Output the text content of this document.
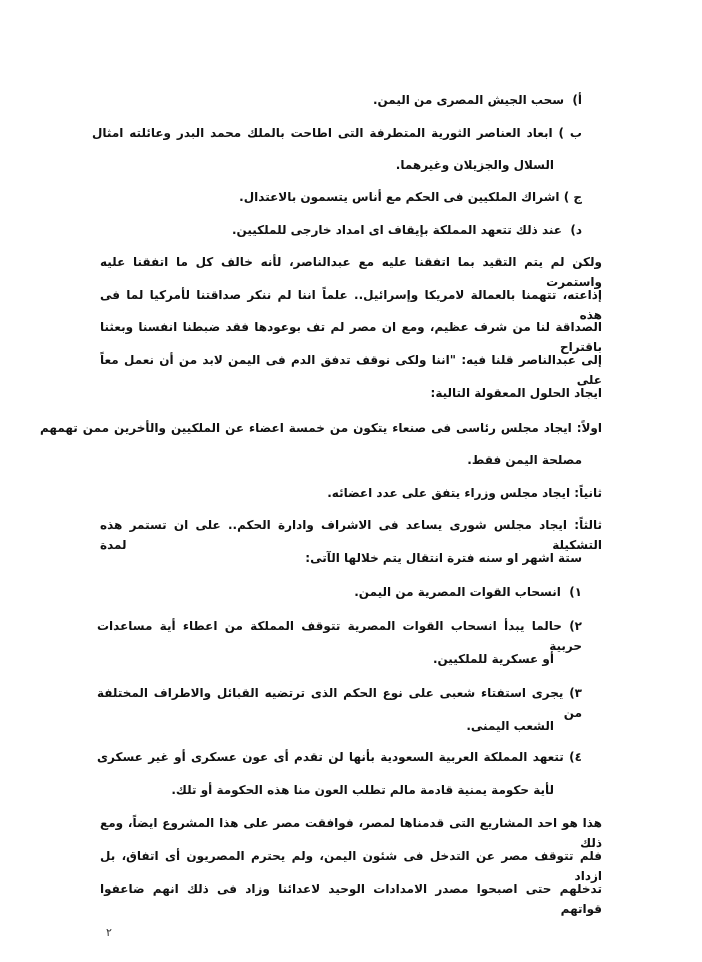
أ)  سحب الجيش المصرى من اليمن.
ب ) ابعاد العناصر الثورية المتطرفة التى اطاحت بالملك محمد البدر وعائلته امثال
السلال والجزيلان وغيرهما.
ج ) اشراك الملكيين فى الحكم مع أناس يتسمون بالاعتدال.
د)  عند ذلك تتعهد المملكة بإيقاف اى امداد خارجى للملكيين.
ولكن لم يتم التقيد بما اتفقنا عليه مع عبدالناصر، لأنه خالف كل ما اتفقنا عليه واستمرت
إذاعته، تتهمنا بالعمالة لامريكا وإسرائيل.. علماً اننا لم ننكر صداقتنا لأمركيا لما فى هذه
الصداقة لنا من شرف عظيم، ومع ان مصر لم تف بوعودها فقد ضبطنا انفسنا وبعثنا باقتراح
إلى عبدالناصر قلنا فيه: "اننا ولكى نوقف تدفق الدم فى اليمن لابد من أن نعمل معاً على
ايجاد الحلول المعقولة التالية:
اولاً: ايجاد مجلس رئاسى فى صنعاء يتكون من خمسة اعضاء عن الملكيين والأخرين ممن تهمهم
مصلحة اليمن فقط.
ثانياً: ايجاد مجلس وزراء يتفق على عدد اعضائه.
ثالثاً: ايجاد مجلس شورى يساعد فى الاشراف وادارة الحكم.. على ان تستمر هذه التشكيلة لمدة
ستة اشهر او سنه فترة انتقال يتم خلالها الآتى:
١)  انسحاب القوات المصرية من اليمن.
٢) حالما يبدأ انسحاب القوات المصرية تتوقف المملكة من اعطاء أية مساعدات حربية
أو عسكرية للملكيين.
٣) يجرى استفتاء شعبى على نوع الحكم الذى ترتضيه القبائل والاطراف المختلفة من
الشعب اليمنى.
٤) تتعهد المملكة العربية السعودية بأنها لن تقدم أى عون عسكرى أو غير عسكرى
لأية حكومة يمنية قادمة مالم تطلب العون منا هذه الحكومة أو تلك.
هذا هو احد المشاريع التى قدمناها لمصر، فوافقت مصر على هذا المشروع ايضاً، ومع ذلك
فلم تتوقف مصر عن التدخل فى شئون اليمن، ولم يحترم المصريون أى اتفاق، بل ازداد
تدخلهم حتى اصبحوا مصدر الامدادات الوحيد لاعدائنا وزاد فى ذلك انهم ضاعفوا قواتهم
٢
